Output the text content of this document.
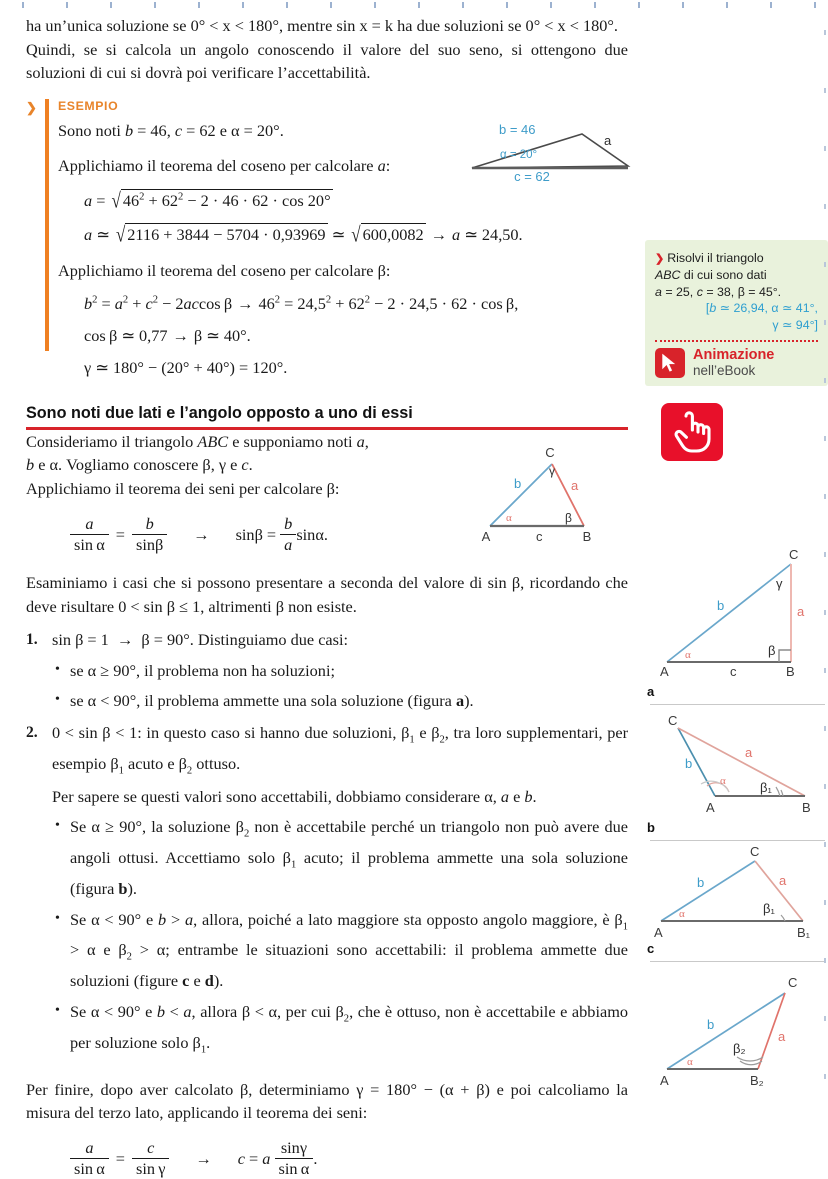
ha un’unica soluzione se 0° < x < 180°, mentre sin x = k ha due soluzioni se 0° < x < 180°.

Quindi, se si calcola un angolo conoscendo il valore del suo seno, si ottengono due soluzioni di cui si dovrà poi verificare l’accettabilità.

❯ ESEMPIO
Sono noti b = 46, c = 62 e α = 20°.
Applichiamo il teorema del coseno per calcolare a:
a = √ $46^2 + 62^2 - 2 \cdot 46 \cdot 62 \cdot \cos 20^\circ$
a ≃ √ 2116 + 3844 − 5704 · 0,93969 ≃ √ 600,0082 → a ≃ 24,50.
Applichiamo il teorema del coseno per calcolare β:
$b^2 = a^2 + c^2 - 2accos$ $\beta \to 46^2 = 24,5^2 + 62^2 - 2 \cdot 24,5 \cdot 62 \cdot \cos \beta$,
cos β ≃ 0,77 → β ≃ 40°.
γ ≃ 180° − (20° + 40°) = 120°.
Sono noti due lati e l’angolo opposto a uno di essi

Consideriamo il triangolo ABC e supponiamo noti a,
b e α. Vogliamo conoscere β, γ e c.

Applichiamo il teorema dei seni per calcolare β:

$\frac{a}{\text{sin α}} = \frac{b}{\sin\beta}$	→	$\sin\beta = \frac{b}{a} \sin\alpha$.

Esaminiamo i casi che si possono presentare a seconda del valore di sin β, ricordando che deve risultare 0 < sin β ≤ 1, altrimenti β non esiste.

1. sin β = 1  →  β = 90°. Distinguiamo due casi:
• se α ≥ 90°, il problema non ha soluzioni;
• se α < 90°, il problema ammette una sola soluzione (figura a).
2. 0 < sin β < 1: in questo caso si hanno due soluzioni, $\beta_1$ e $\beta_2$, tra loro supplementari, per esempio $\beta_1$ acuto e $\beta_2$ ottuso.
Per sapere se questi valori sono accettabili, dobbiamo considerare α, a e b.
• Se α ≥ 90°, la soluzione $\beta_2$ non è accettabile perché un triangolo non può avere due angoli ottusi. Accettiamo solo $\beta_1$ acuto; il problema ammette una sola soluzione (figura b).
• Se α < 90° e b > a, allora, poiché a lato maggiore sta opposto angolo maggiore, è $\beta_1 > \alpha$ e $\beta_2 > \alpha$; entrambe le situazioni sono accettabili: il problema ammette due soluzioni (figure c e d).
• Se α < 90° e b < a, allora β < α, per cui $\beta_2$, che è ottuso, non è accettabile e abbiamo per soluzione solo $\beta_1$.

Per finire, dopo aver calcolato β, determiniamo γ = 180° − (α + β) e poi calcoliamo la misura del terzo lato, applicando il teorema dei seni:

$\frac{a}{\text{sin α}} = \frac{c}{\text{sin γ}}$	→	c = a $\frac{\sin\gamma}{\text{sin α}}$ .
b = 46
c = 62
a
α = 20°
C
A	B
b	a
c
α
γ
β
❯ Risolvi il triangolo
ABC di cui sono dati
a = 25, c = 38, β = 45°.
[b ≃ 26,94, α ≃ 41°,
γ ≃ 94°]
Animazione
nell’eBook
C
A	B
b	a
c
α	β
γ
a
C
A	B
b
a
α	β₁
b
C
A	B₁
b	a
α	β₁
c
C
A	B₂
b
a
α
β₂
